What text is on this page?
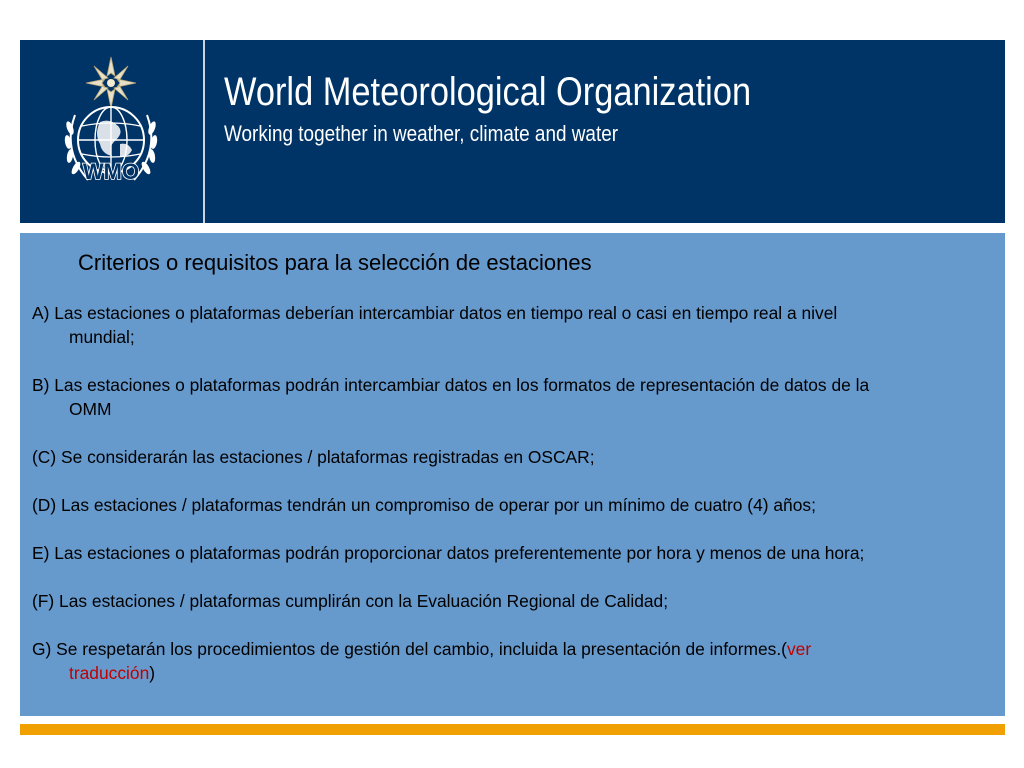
WMO
World Meteorological Organization
Working together in weather, climate and water
Criterios o requisitos para la selección de estaciones
A) Las estaciones o plataformas deberían intercambiar datos en tiempo real o casi en tiempo real a nivel
mundial;
B) Las estaciones o plataformas podrán intercambiar datos en los formatos de representación de datos de la
OMM
(C) Se considerarán las estaciones / plataformas registradas en OSCAR;
(D) Las estaciones / plataformas tendrán un compromiso de operar por un mínimo de cuatro (4) años;
E) Las estaciones o plataformas podrán proporcionar datos preferentemente por hora y menos de una hora;
(F) Las estaciones / plataformas cumplirán con la Evaluación Regional de Calidad;
G) Se respetarán los procedimientos de gestión del cambio, incluida la presentación de informes.(ver
traducción)
